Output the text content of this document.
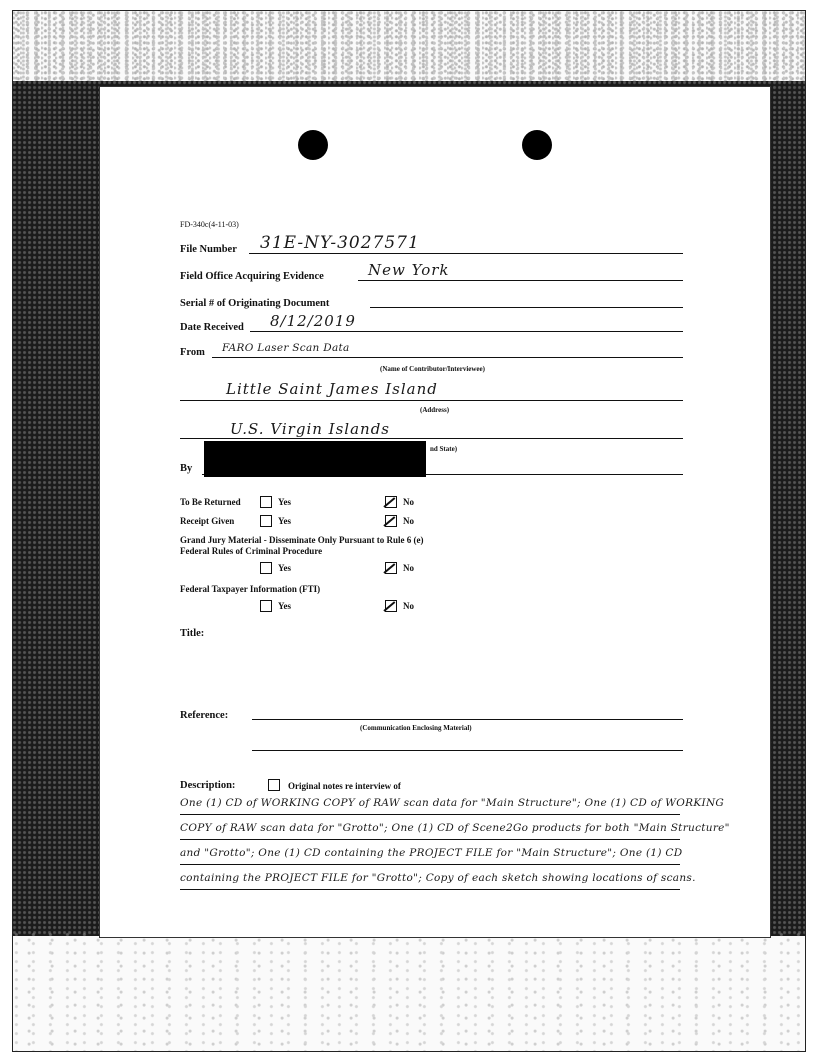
FD-340c(4-11-03)
File Number 31E-NY-3027571
Field Office Acquiring Evidence	New York
Serial # of Originating Document
Date Received 8/12/2019
From FARO Laser Scan Data
(Name of Contributor/Interviewee)
Little Saint James Island
(Address)
U.S. Virgin Islands
nd State)
By
To Be Returned	Yes	No
Receipt Given	Yes	No
Grand Jury Material - Disseminate Only Pursuant to Rule 6 (e)
Federal Rules of Criminal Procedure
Yes	No
Federal Taxpayer Information (FTI)
Yes	No
Title:
Reference:
(Communication Enclosing Material)
Description:	Original notes re interview of
One (1) CD of WORKING COPY of RAW scan data for "Main Structure"; One (1) CD of WORKING
COPY of RAW scan data for "Grotto"; One (1) CD of Scene2Go products for both "Main Structure"
and "Grotto"; One (1) CD containing the PROJECT FILE for "Main Structure"; One (1) CD
containing the PROJECT FILE for "Grotto"; Copy of each sketch showing locations of scans.
